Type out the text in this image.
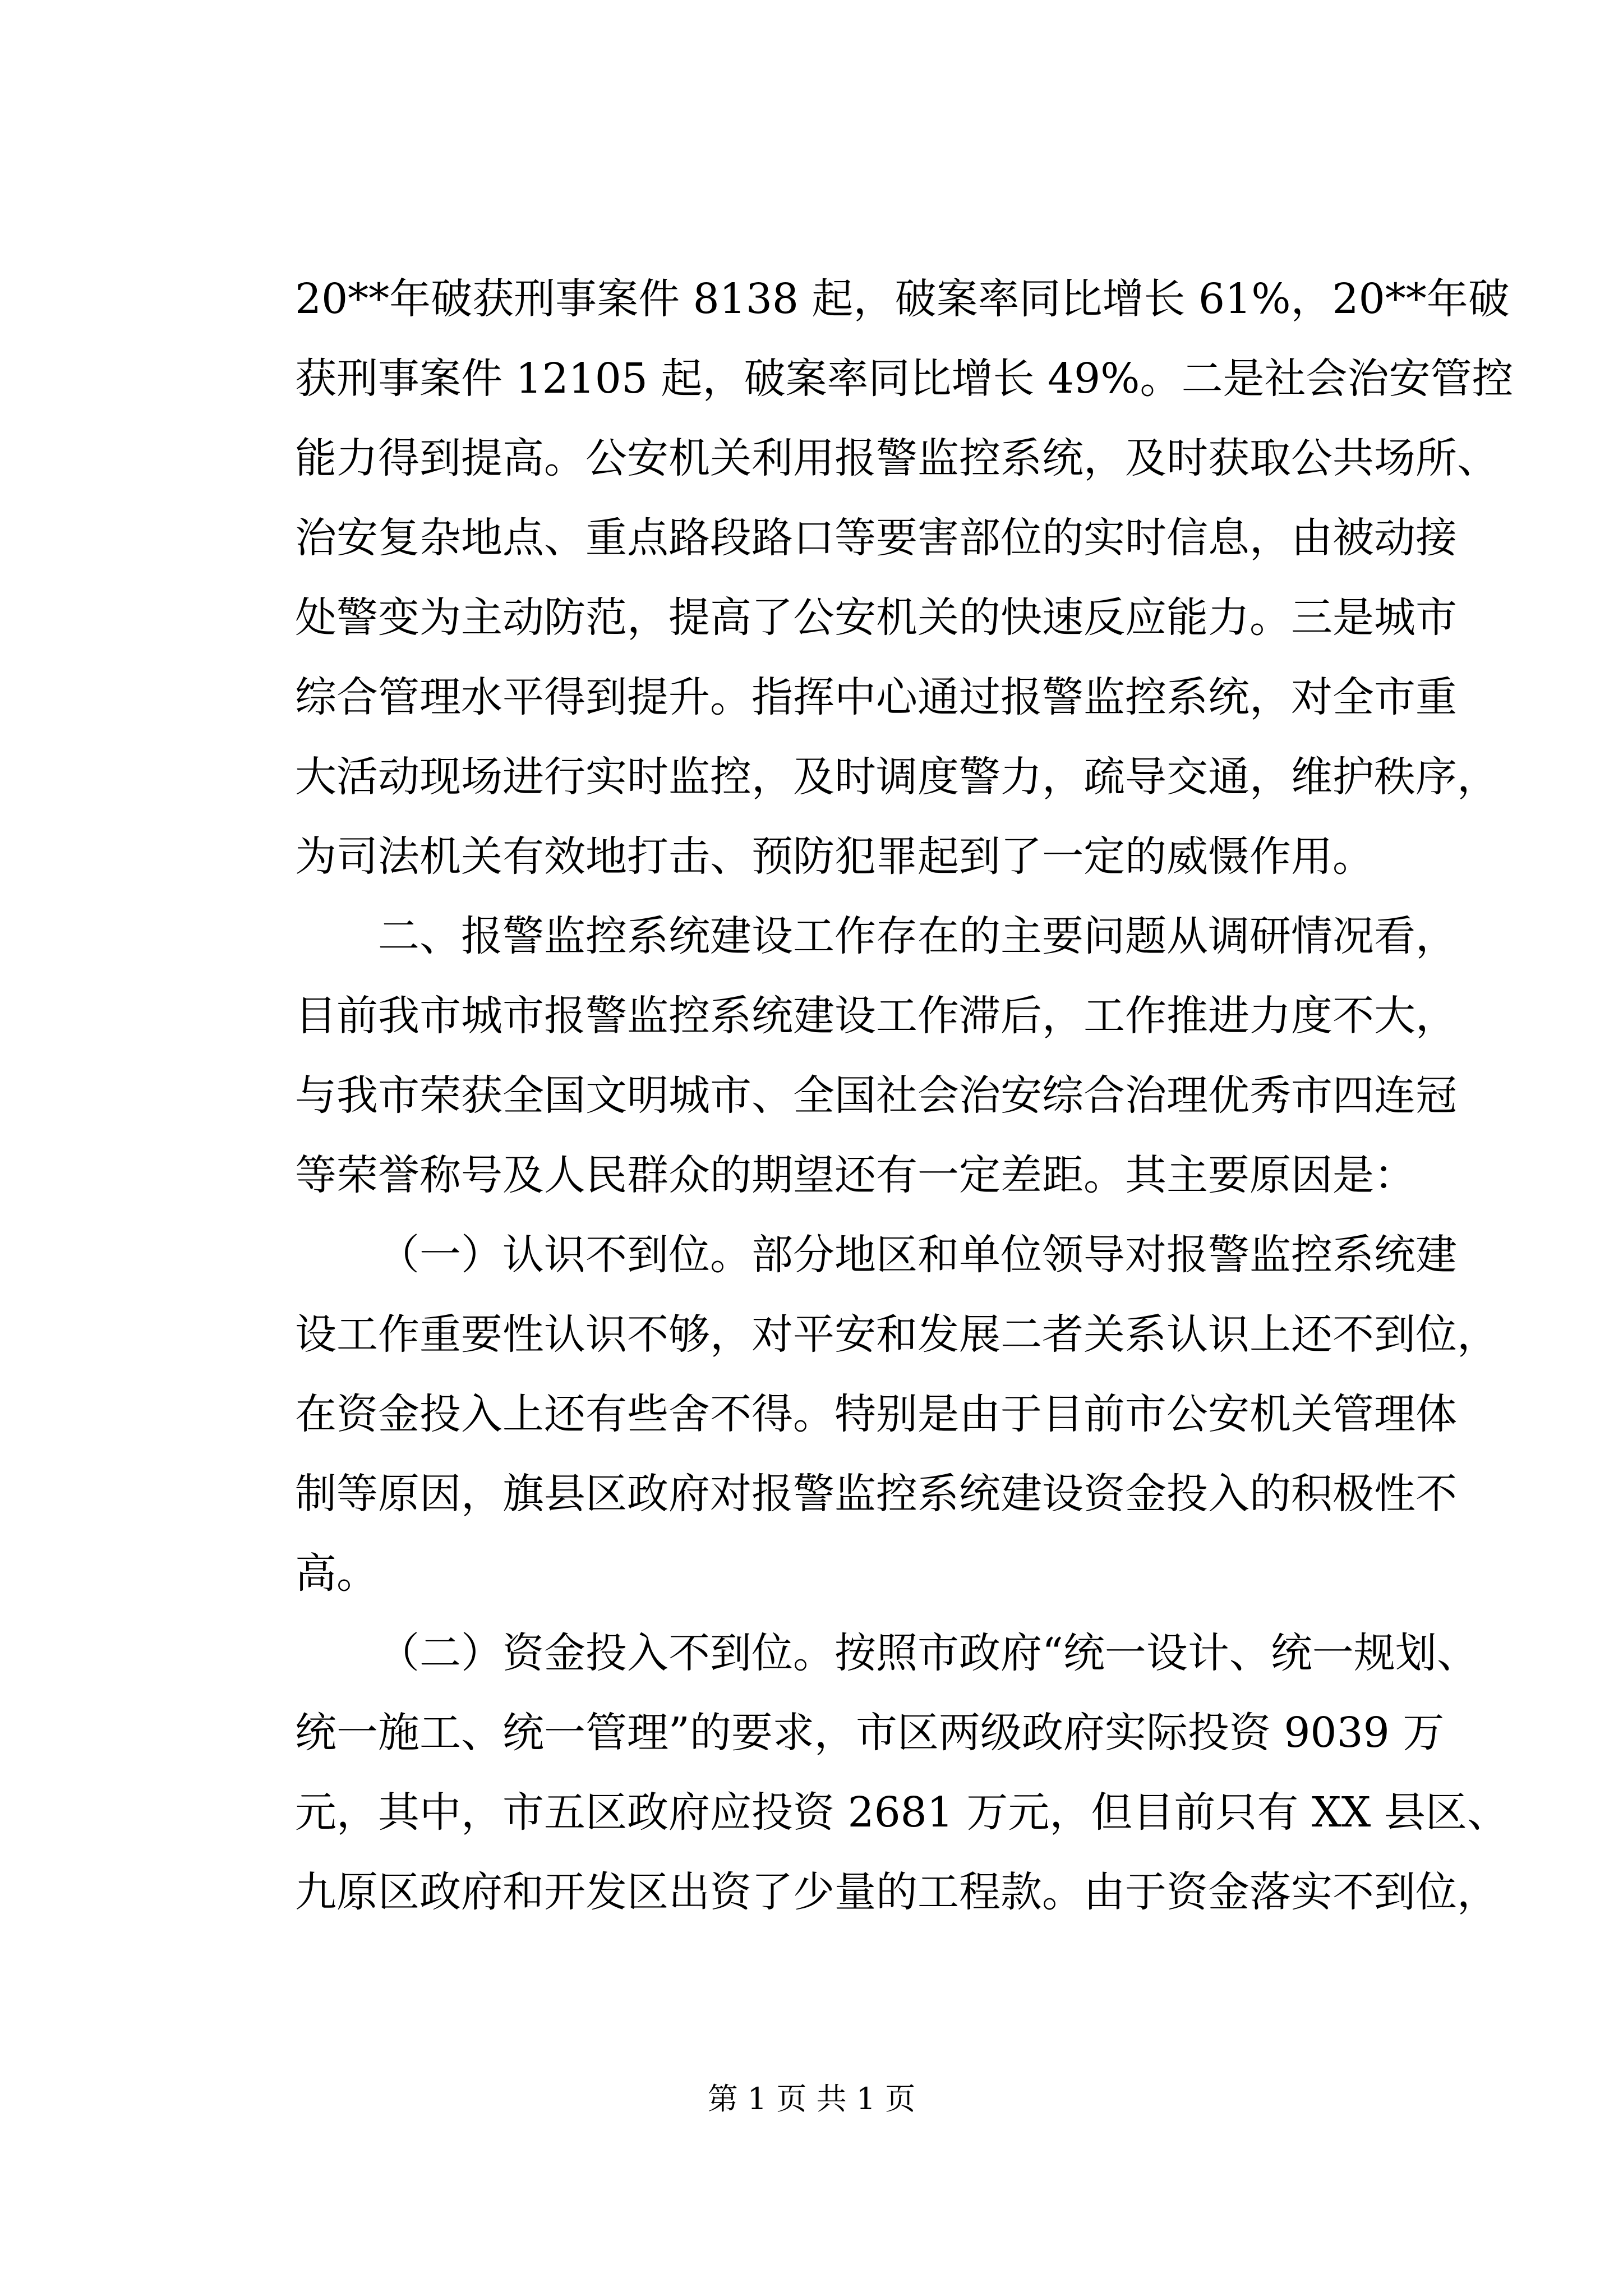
20**年破获刑事案件 8138 起，破案率同比增长 61%，20**年破
获刑事案件 12105 起，破案率同比增长 49%。二是社会治安管控
能力得到提高。公安机关利用报警监控系统，及时获取公共场所、
治安复杂地点、重点路段路口等要害部位的实时信息，由被动接
处警变为主动防范，提高了公安机关的快速反应能力。三是城市
综合管理水平得到提升。指挥中心通过报警监控系统，对全市重
大活动现场进行实时监控，及时调度警力，疏导交通，维护秩序，
为司法机关有效地打击、预防犯罪起到了一定的威慑作用。
二、报警监控系统建设工作存在的主要问题从调研情况看，
目前我市城市报警监控系统建设工作滞后，工作推进力度不大，
与我市荣获全国文明城市、全国社会治安综合治理优秀市四连冠
等荣誉称号及人民群众的期望还有一定差距。其主要原因是：
（一）认识不到位。部分地区和单位领导对报警监控系统建
设工作重要性认识不够，对平安和发展二者关系认识上还不到位，
在资金投入上还有些舍不得。特别是由于目前市公安机关管理体
制等原因，旗县区政府对报警监控系统建设资金投入的积极性不
高。
（二）资金投入不到位。按照市政府“统一设计、统一规划、
统一施工、统一管理”的要求，市区两级政府实际投资 9039 万
元，其中，市五区政府应投资 2681 万元，但目前只有 XX 县区、
九原区政府和开发区出资了少量的工程款。由于资金落实不到位，
第 1 页 共 1 页
